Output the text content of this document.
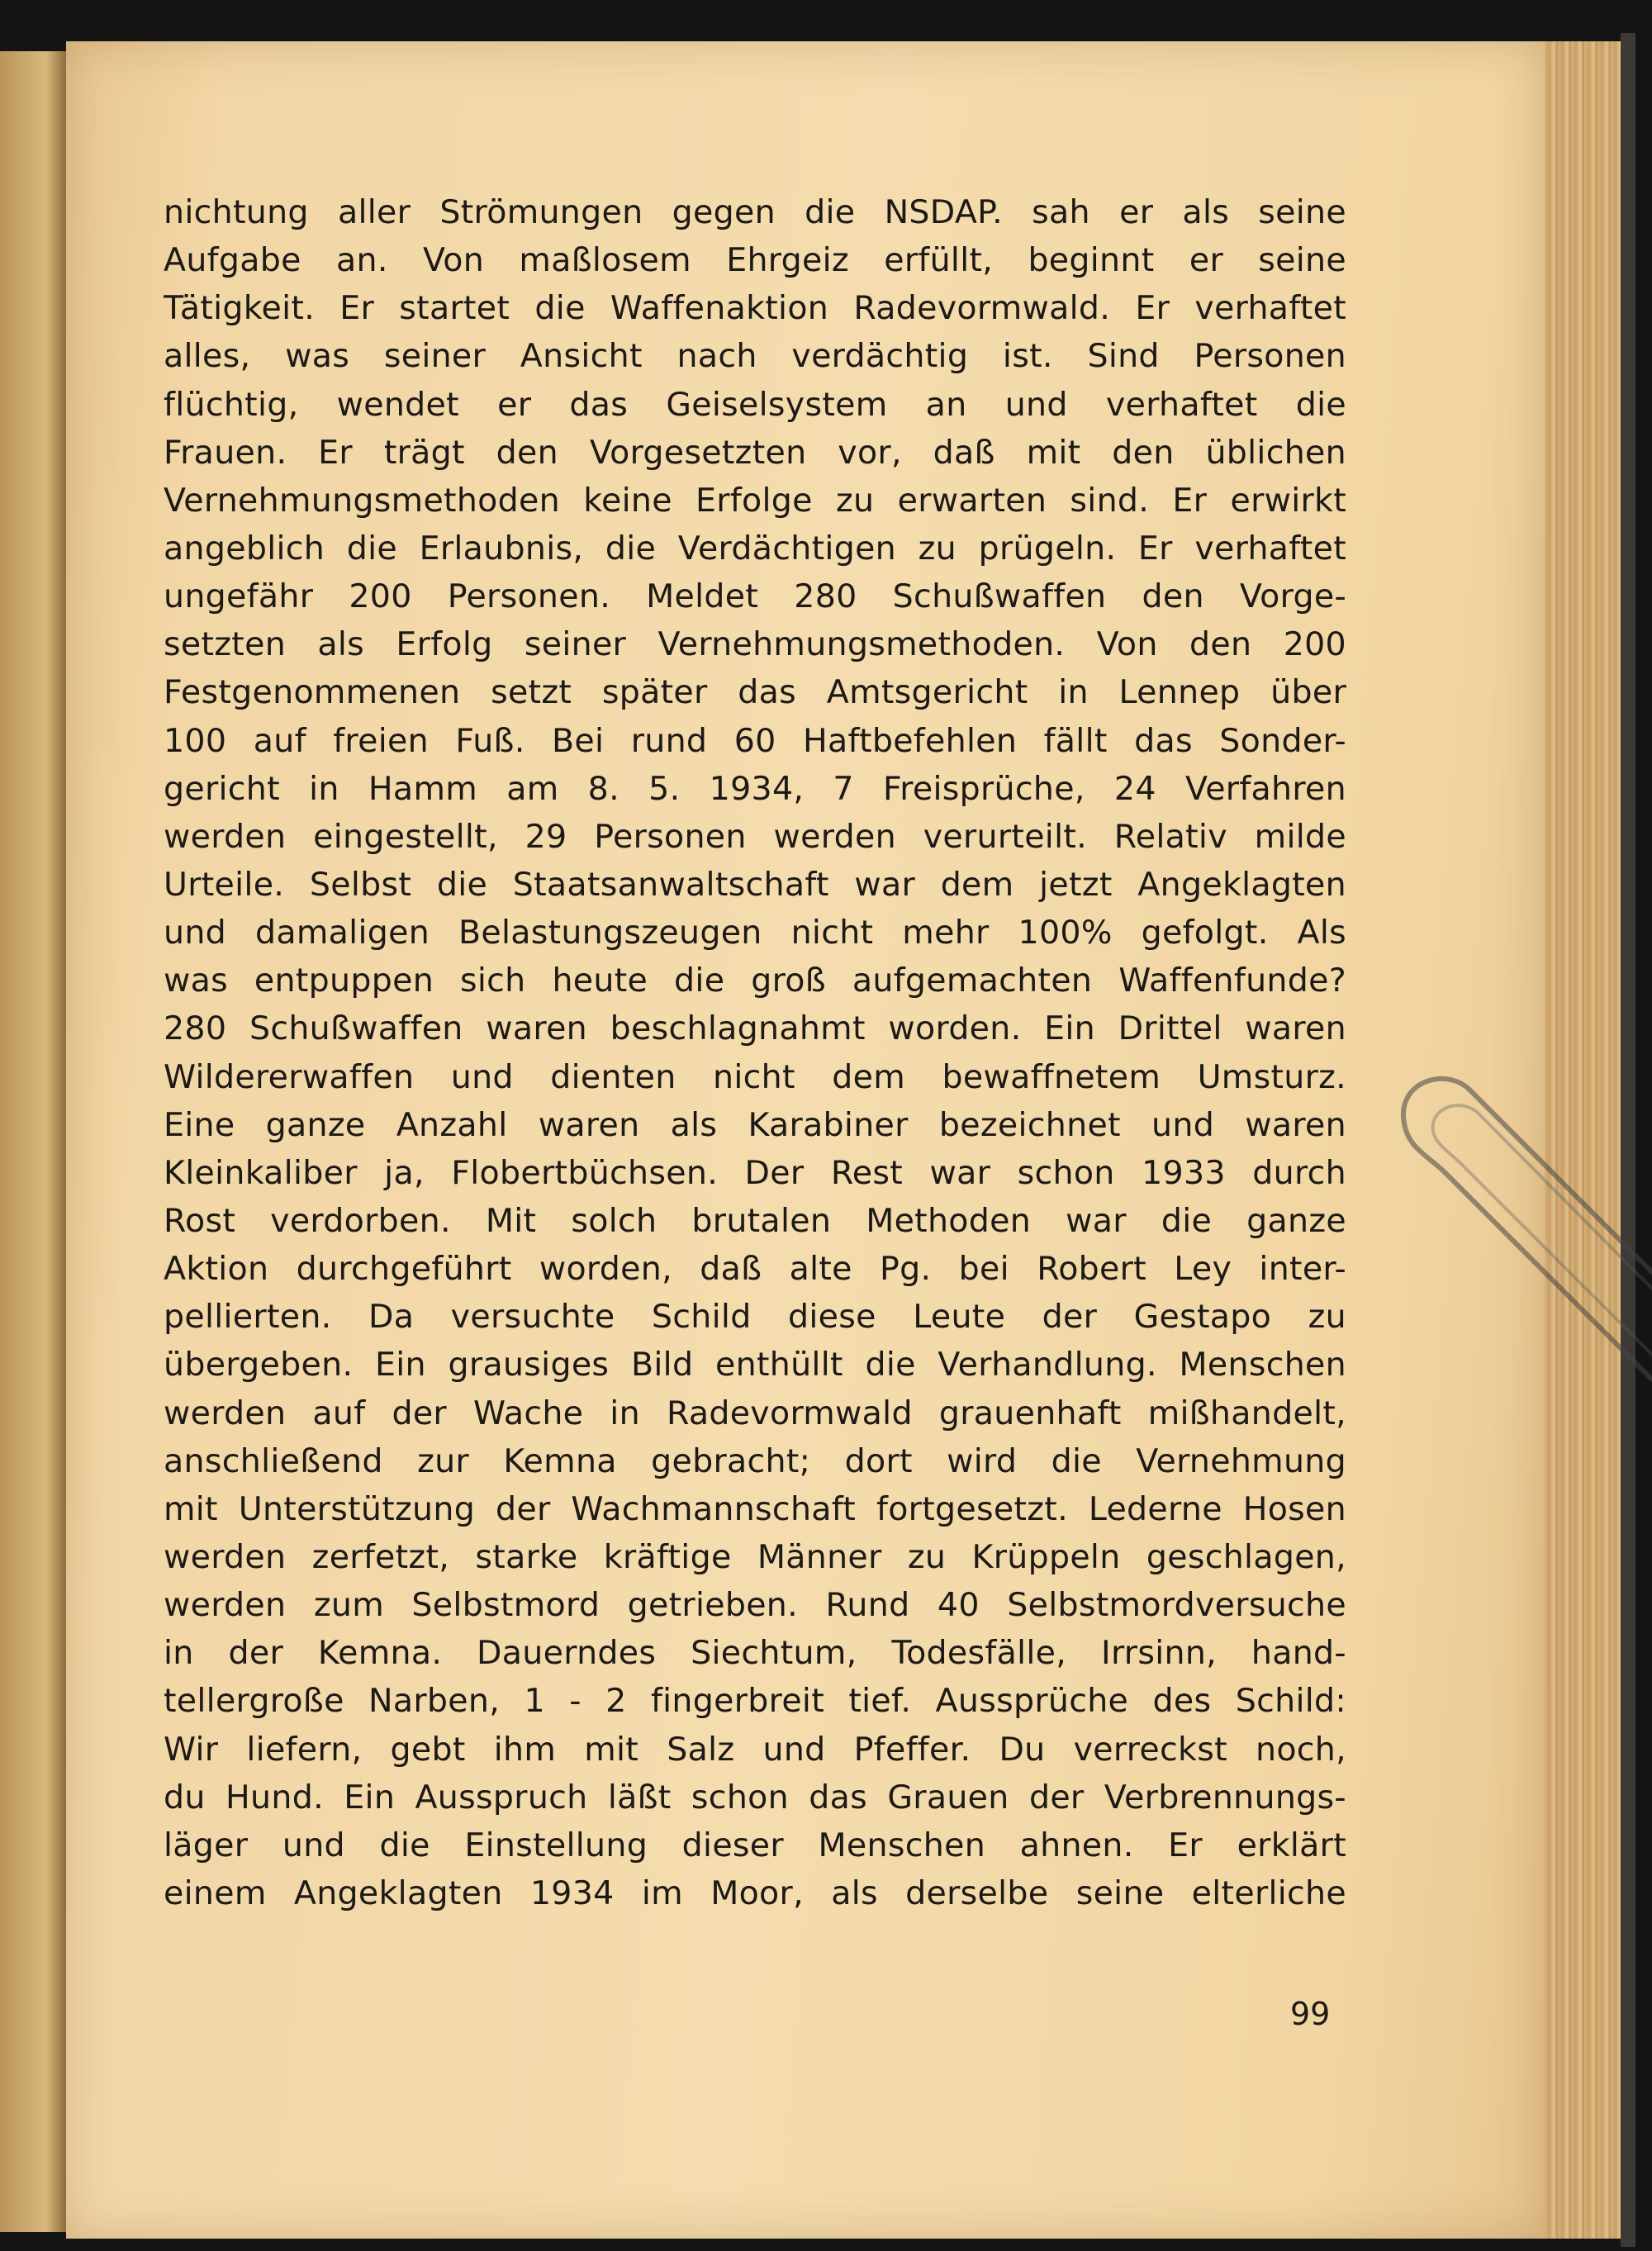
nichtung aller Strömungen gegen die NSDAP. sah er als seine
Aufgabe an. Von maßlosem Ehrgeiz erfüllt, beginnt er seine
Tätigkeit. Er startet die Waffenaktion Radevormwald. Er verhaftet
alles, was seiner Ansicht nach verdächtig ist. Sind Personen
flüchtig, wendet er das Geiselsystem an und verhaftet die
Frauen. Er trägt den Vorgesetzten vor, daß mit den üblichen
Vernehmungsmethoden keine Erfolge zu erwarten sind. Er erwirkt
angeblich die Erlaubnis, die Verdächtigen zu prügeln. Er verhaftet
ungefähr 200 Personen. Meldet 280 Schußwaffen den Vorge-
setzten als Erfolg seiner Vernehmungsmethoden. Von den 200
Festgenommenen setzt später das Amtsgericht in Lennep über
100 auf freien Fuß. Bei rund 60 Haftbefehlen fällt das Sonder-
gericht in Hamm am 8. 5. 1934, 7 Freisprüche, 24 Verfahren
werden eingestellt, 29 Personen werden verurteilt. Relativ milde
Urteile. Selbst die Staatsanwaltschaft war dem jetzt Angeklagten
und damaligen Belastungszeugen nicht mehr 100% gefolgt. Als
was entpuppen sich heute die groß aufgemachten Waffenfunde?
280 Schußwaffen waren beschlagnahmt worden. Ein Drittel waren
Wildererwaffen und dienten nicht dem bewaffnetem Umsturz.
Eine ganze Anzahl waren als Karabiner bezeichnet und waren
Kleinkaliber ja, Flobertbüchsen. Der Rest war schon 1933 durch
Rost verdorben. Mit solch brutalen Methoden war die ganze
Aktion durchgeführt worden, daß alte Pg. bei Robert Ley inter-
pellierten. Da versuchte Schild diese Leute der Gestapo zu
übergeben. Ein grausiges Bild enthüllt die Verhandlung. Menschen
werden auf der Wache in Radevormwald grauenhaft mißhandelt,
anschließend zur Kemna gebracht; dort wird die Vernehmung
mit Unterstützung der Wachmannschaft fortgesetzt. Lederne Hosen
werden zerfetzt, starke kräftige Männer zu Krüppeln geschlagen,
werden zum Selbstmord getrieben. Rund 40 Selbstmordversuche
in der Kemna. Dauerndes Siechtum, Todesfälle, Irrsinn, hand-
tellergroße Narben, 1 - 2 fingerbreit tief. Aussprüche des Schild:
Wir liefern, gebt ihm mit Salz und Pfeffer. Du verreckst noch,
du Hund. Ein Ausspruch läßt schon das Grauen der Verbrennungs-
läger und die Einstellung dieser Menschen ahnen. Er erklärt
einem Angeklagten 1934 im Moor, als derselbe seine elterliche
99
